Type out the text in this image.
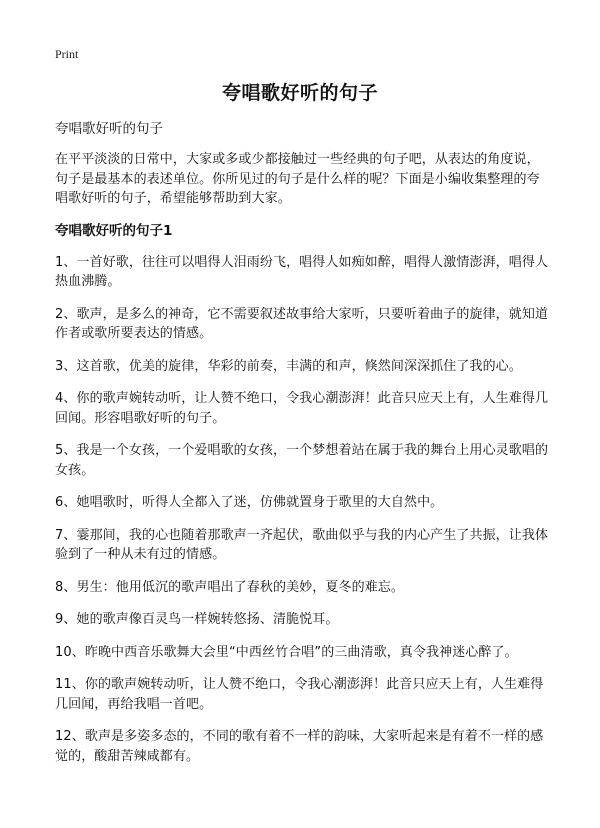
Print
夸唱歌好听的句子

夸唱歌好听的句子

在平平淡淡的日常中，大家或多或少都接触过一些经典的句子吧，从表达的角度说，句子是最基本的表述单位。你所见过的句子是什么样的呢？下面是小编收集整理的夸唱歌好听的句子，希望能够帮助到大家。

夸唱歌好听的句子1
1、一首好歌，往往可以唱得人泪雨纷飞，唱得人如痴如醉，唱得人激情澎湃，唱得人热血沸腾。
2、歌声，是多么的神奇，它不需要叙述故事给大家听，只要听着曲子的旋律，就知道作者或歌所要表达的情感。
3、这首歌，优美的旋律，华彩的前奏，丰满的和声，倏然间深深抓住了我的心。
4、你的歌声婉转动听，让人赞不绝口，令我心潮澎湃！此音只应天上有，人生难得几回闻。形容唱歌好听的句子。
5、我是一个女孩，一个爱唱歌的女孩，一个梦想着站在属于我的舞台上用心灵歌唱的女孩。
6、她唱歌时，听得人全都入了迷，仿佛就置身于歌里的大自然中。
7、霎那间，我的心也随着那歌声一齐起伏，歌曲似乎与我的内心产生了共振，让我体验到了一种从未有过的情感。
8、男生：他用低沉的歌声唱出了春秋的美妙，夏冬的难忘。
9、她的歌声像百灵鸟一样婉转悠扬、清脆悦耳。
10、昨晚中西音乐歌舞大会里“中西丝竹合唱”的三曲清歌，真令我神迷心醉了。
11、你的歌声婉转动听，让人赞不绝口，令我心潮澎湃！此音只应天上有，人生难得几回闻，再给我唱一首吧。
12、歌声是多姿多态的，不同的歌有着不一样的韵味，大家听起来是有着不一样的感觉的，酸甜苦辣咸都有。
